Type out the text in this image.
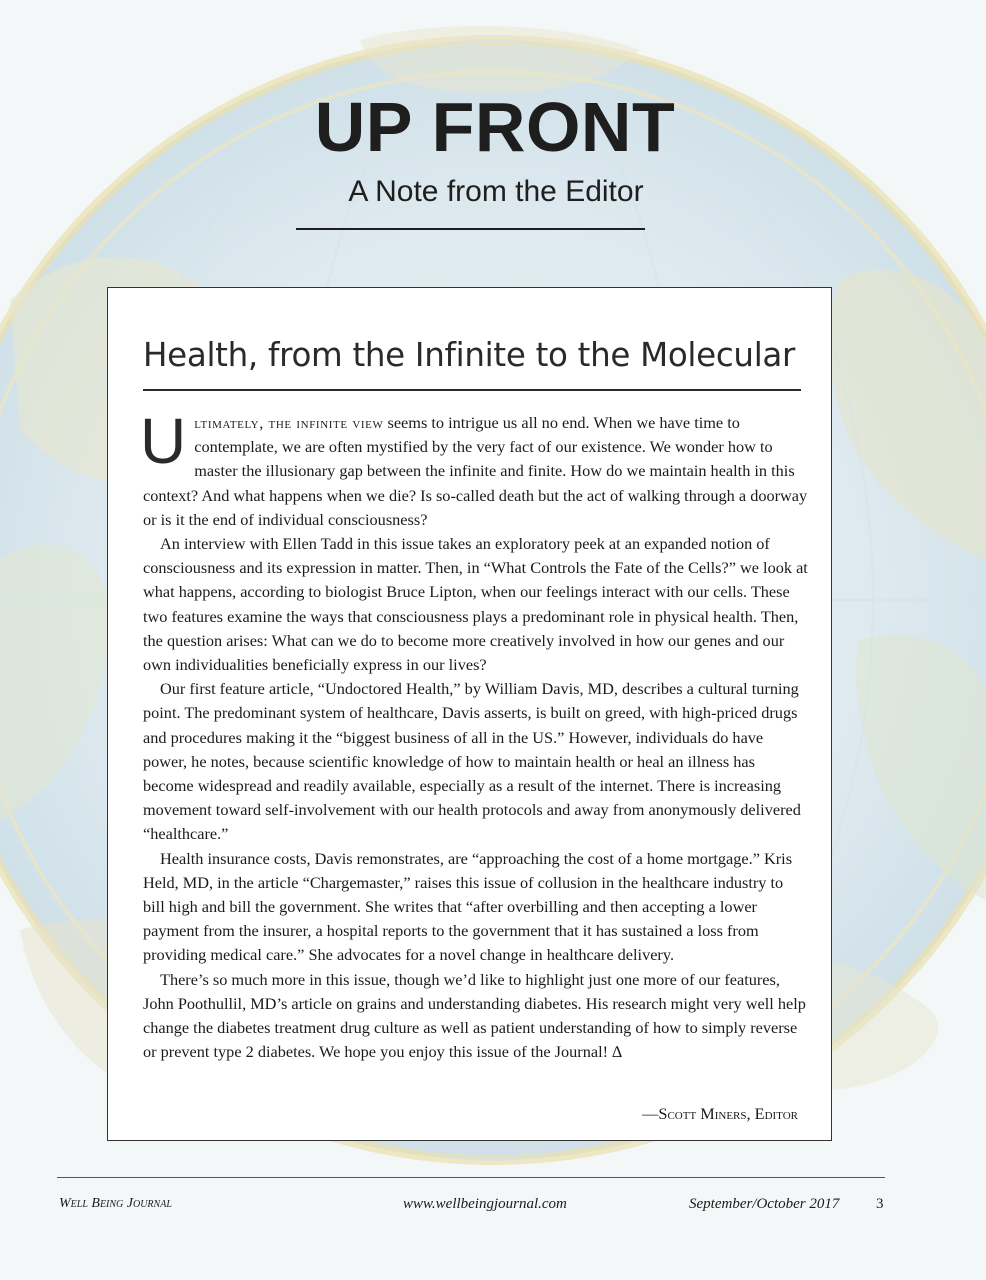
UP FRONT
A Note from the Editor
Health, from the Infinite to the Molecular

Ultimately, the infinite view seems to intrigue us all no end. When we have time to contemplate, we are often mystified by the very fact of our existence. We wonder how to master the illusionary gap between the infinite and finite. How do we maintain health in this context? And what happens when we die? Is so-called death but the act of walking through a doorway or is it the end of individual consciousness?

An interview with Ellen Tadd in this issue takes an exploratory peek at an expanded notion of consciousness and its expression in matter. Then, in “What Controls the Fate of the Cells?” we look at what happens, according to biologist Bruce Lipton, when our feelings interact with our cells. These two features examine the ways that consciousness plays a predominant role in physical health. Then, the question arises: What can we do to become more creatively involved in how our genes and our own individualities beneficially express in our lives?

Our first feature article, “Undoctored Health,” by William Davis, MD, describes a cultural turning point. The predominant system of healthcare, Davis asserts, is built on greed, with high-priced drugs and procedures making it the “biggest business of all in the US.” However, individuals do have power, he notes, because scientific knowledge of how to maintain health or heal an illness has become widespread and readily available, especially as a result of the internet. There is increasing movement toward self-involvement with our health protocols and away from anonymously delivered “healthcare.”

Health insurance costs, Davis remonstrates, are “approaching the cost of a home mortgage.” Kris Held, MD, in the article “Chargemaster,” raises this issue of collusion in the healthcare industry to bill high and bill the government. She writes that “after overbilling and then accepting a lower payment from the insurer, a hospital reports to the government that it has sustained a loss from providing medical care.” She advocates for a novel change in healthcare delivery.

There’s so much more in this issue, though we’d like to highlight just one more of our features, John Poothullil, MD’s article on grains and understanding diabetes. His research might very well help change the diabetes treatment drug culture as well as patient understanding of how to simply reverse or prevent type 2 diabetes. We hope you enjoy this issue of the Journal! ∆

—Scott Miners, Editor
Well Being Journal	www.wellbeingjournal.com	September/October 2017 3
